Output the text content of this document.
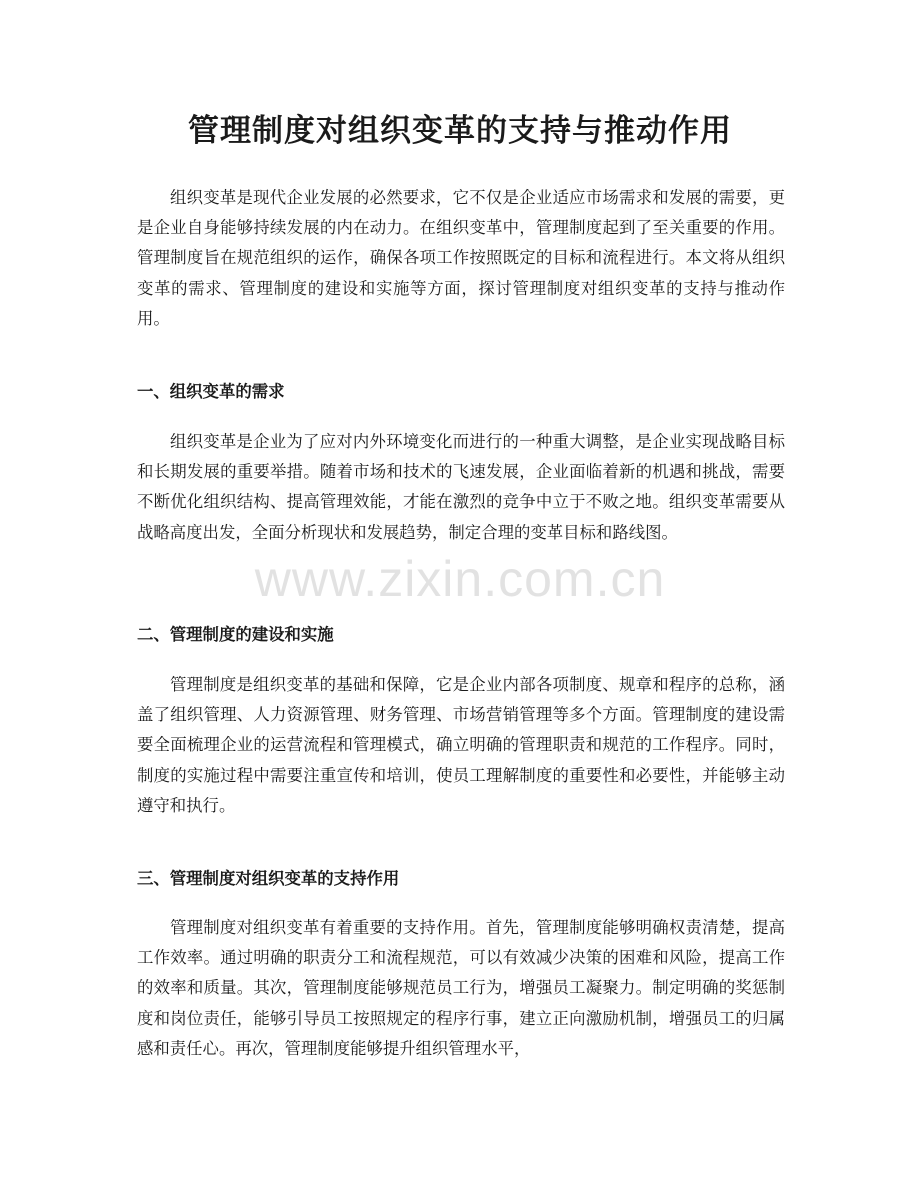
管理制度对组织变革的支持与推动作用

组织变革是现代企业发展的必然要求，它不仅是企业适应市场需求和发展的需要，更是企业自身能够持续发展的内在动力。在组织变革中，管理制度起到了至关重要的作用。管理制度旨在规范组织的运作，确保各项工作按照既定的目标和流程进行。本文将从组织变革的需求、管理制度的建设和实施等方面，探讨管理制度对组织变革的支持与推动作用。

一、组织变革的需求

组织变革是企业为了应对内外环境变化而进行的一种重大调整，是企业实现战略目标和长期发展的重要举措。随着市场和技术的飞速发展，企业面临着新的机遇和挑战，需要不断优化组织结构、提高管理效能，才能在激烈的竞争中立于不败之地。组织变革需要从战略高度出发，全面分析现状和发展趋势，制定合理的变革目标和路线图。

二、管理制度的建设和实施

管理制度是组织变革的基础和保障，它是企业内部各项制度、规章和程序的总称，涵盖了组织管理、人力资源管理、财务管理、市场营销管理等多个方面。管理制度的建设需要全面梳理企业的运营流程和管理模式，确立明确的管理职责和规范的工作程序。同时，制度的实施过程中需要注重宣传和培训，使员工理解制度的重要性和必要性，并能够主动遵守和执行。

三、管理制度对组织变革的支持作用

管理制度对组织变革有着重要的支持作用。首先，管理制度能够明确权责清楚，提高工作效率。通过明确的职责分工和流程规范，可以有效减少决策的困难和风险，提高工作的效率和质量。其次，管理制度能够规范员工行为，增强员工凝聚力。制定明确的奖惩制度和岗位责任，能够引导员工按照规定的程序行事，建立正向激励机制，增强员工的归属感和责任心。再次，管理制度能够提升组织管理水平，

www.zixin.com.cn
